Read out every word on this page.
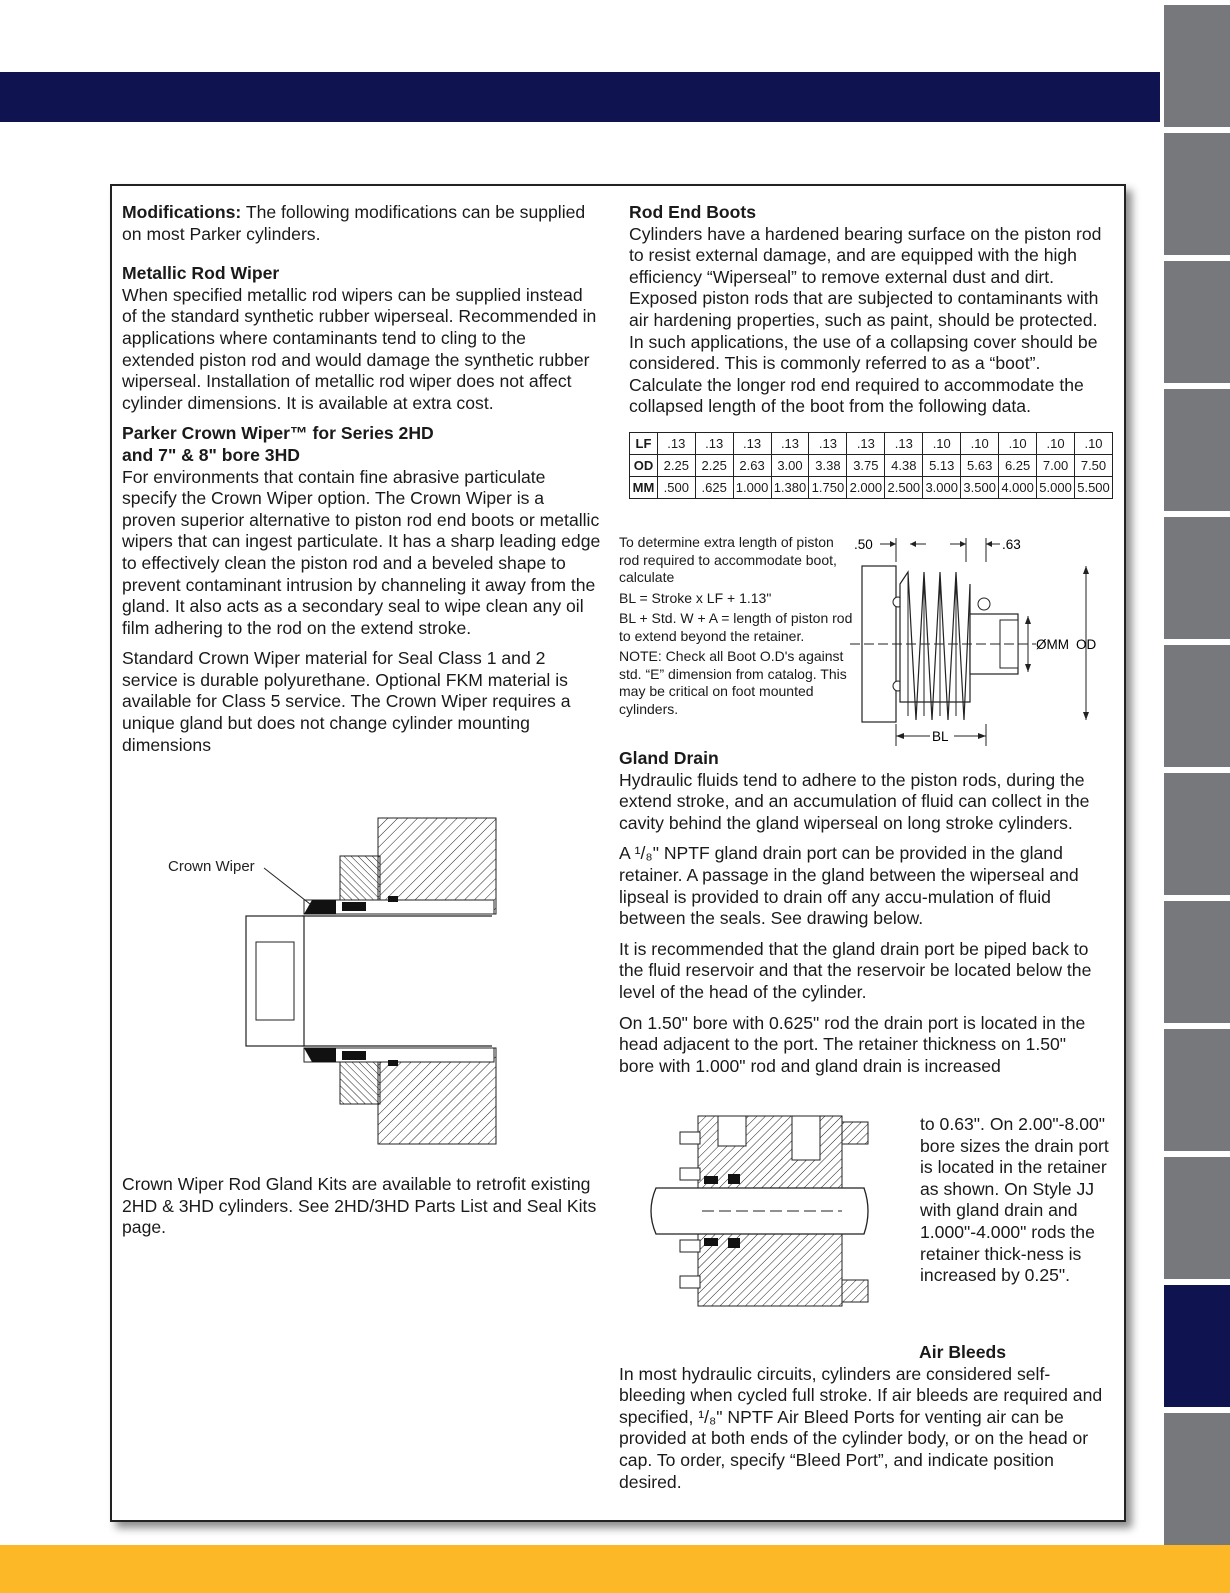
Modifications: The following modifications can be supplied on most Parker cylinders.

Metallic Rod Wiper

When specified metallic rod wipers can be supplied instead of the standard synthetic rubber wiperseal. Recommended in applications where contaminants tend to cling to the extended piston rod and would damage the synthetic rubber wiperseal. Installation of metallic rod wiper does not affect cylinder dimensions. It is available at extra cost.

Parker Crown Wiper™ for Series 2HD
and 7" & 8" bore 3HD

For environments that contain fine abrasive particulate specify the Crown Wiper option. The Crown Wiper is a proven superior alternative to piston rod end boots or metallic wipers that can ingest particulate. It has a sharp leading edge to effectively clean the piston rod and a beveled shape to prevent contaminant intrusion by channeling it away from the gland. It also acts as a secondary seal to wipe clean any oil film adhering to the rod on the extend stroke.

Standard Crown Wiper material for Seal Class 1 and 2 service is durable polyurethane. Optional FKM material is available for Class 5 service. The Crown Wiper requires a unique gland but does not change cylinder mounting dimensions

Crown Wiper

Crown Wiper Rod Gland Kits are available to retrofit existing 2HD & 3HD cylinders. See 2HD/3HD Parts List and Seal Kits page.

Rod End Boots

Cylinders have a hardened bearing surface on the piston rod to resist external damage, and are equipped with the high efficiency “Wiperseal” to remove external dust and dirt. Exposed piston rods that are subjected to contaminants with air hardening properties, such as paint, should be protected. In such applications, the use of a collapsing cover should be considered. This is commonly referred to as a “boot”. Calculate the longer rod end required to accommodate the collapsed length of the boot from the following data.

LF	.13	.13	.13	.13	.13	.13	.13	.10	.10	.10	.10	.10
OD	2.25	2.25	2.63	3.00	3.38	3.75	4.38	5.13	5.63	6.25	7.00	7.50
MM	.500	.625	1.000	1.380	1.750	2.000	2.500	3.000	3.500	4.000	5.000	5.500

To determine extra length of piston rod required to accommodate boot, calculate

BL = Stroke x LF + 1.13"

BL + Std. W + A = length of piston rod to extend beyond the retainer.

NOTE: Check all Boot O.D's against std. “E” dimension from catalog. This may be critical on foot mounted cylinders.

.50	.63
ØMM OD
BL
Gland Drain

Hydraulic fluids tend to adhere to the piston rods, during the extend stroke, and an accumulation of fluid can collect in the cavity behind the gland wiperseal on long stroke cylinders.

A ¹/₈" NPTF gland drain port can be provided in the gland retainer. A passage in the gland between the wiperseal and lipseal is provided to drain off any accu-mulation of fluid between the seals. See drawing below.

It is recommended that the gland drain port be piped back to the fluid reservoir and that the reservoir be located below the level of the head of the cylinder.

On 1.50" bore with 0.625" rod the drain port is located in the head adjacent to the port. The retainer thickness on 1.50" bore with 1.000" rod and gland drain is increased

to 0.63". On 2.00"-8.00" bore sizes the drain port is located in the retainer as shown. On Style JJ with gland drain and 1.000"-4.000" rods the retainer thick-ness is increased by 0.25".

Air Bleeds

In most hydraulic circuits, cylinders are considered self-bleeding when cycled full stroke. If air bleeds are required and specified, ¹/₈" NPTF Air Bleed Ports for venting air can be provided at both ends of the cylinder body, or on the head or cap. To order, specify “Bleed Port”, and indicate position desired.
